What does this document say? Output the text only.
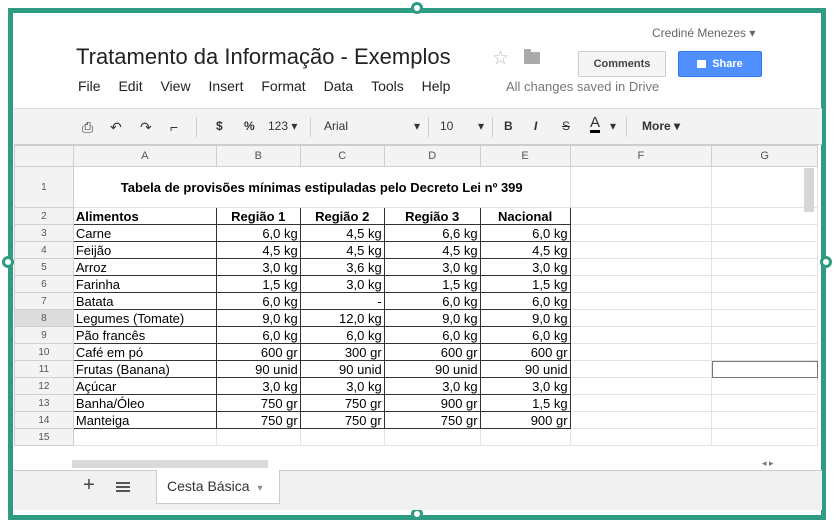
Crediné Menezes ▾
Tratamento da Informação - Exemplos ☆	Comments	Share
File Edit View Insert Format Data Tools Help	All changes saved in Drive
⎙ ↶ ↷ ⌐	$ % 123 ▾ Arial	▾ 10 ▾ B I S A ▾ More ▾
	A	B	C	D	E	F	G
1	Tabela de provisões mínimas estipuladas pelo Decreto Lei nº 399						
2	Alimentos	Região 1	Região 2	Região 3	Nacional		
3	Carne	6,0 kg	4,5 kg	6,6 kg	6,0 kg		
4	Feijão	4,5 kg	4,5 kg	4,5 kg	4,5 kg		
5	Arroz	3,0 kg	3,6 kg	3,0 kg	3,0 kg		
6	Farinha	1,5 kg	3,0 kg	1,5 kg	1,5 kg		
7	Batata	6,0 kg	-	6,0 kg	6,0 kg		
8	Legumes (Tomate)	9,0 kg	12,0 kg	9,0 kg	9,0 kg		
9	Pão francês	6,0 kg	6,0 kg	6,0 kg	6,0 kg		
10	Café em pó	600 gr	300 gr	600 gr	600 gr		
11	Frutas (Banana)	90 unid	90 unid	90 unid	90 unid		
12	Açúcar	3,0 kg	3,0 kg	3,0 kg	3,0 kg		
13	Banha/Óleo	750 gr	750 gr	900 gr	1,5 kg		
14	Manteiga	750 gr	750 gr	750 gr	900 gr		
15							
◂ ▸
+	Cesta Básica ▾
